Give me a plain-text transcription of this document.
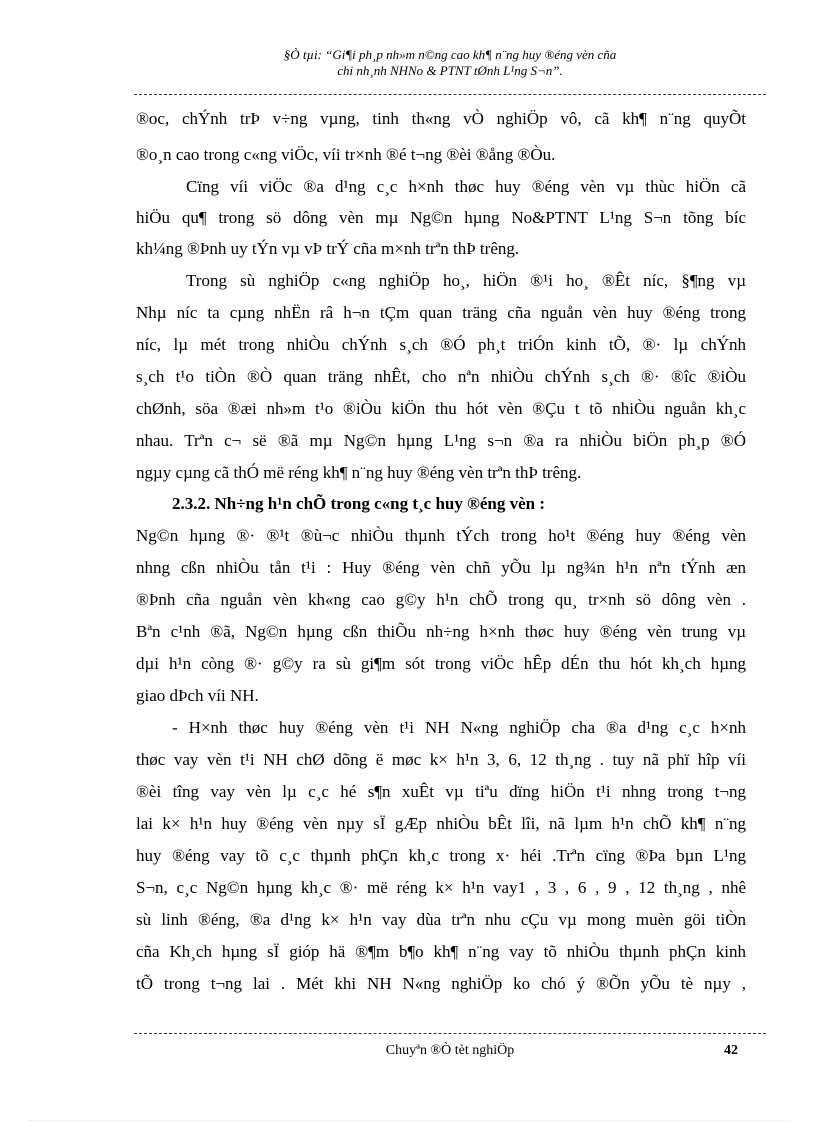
§Ò tµi: “Gi¶i ph¸p nh»m n©ng cao kh¶ n¨ng huy ®éng vèn cña
chi nh¸nh NHNo & PTNT tØnh L¹ng S¬n”.
®oc, chÝnh trÞ v÷ng vµng, tinh th«ng vÒ nghiÖp vô, cã kh¶ n¨ng quyÕt
®o¸n cao trong c«ng viÖc, víi tr×nh ®é t¬ng ®èi ®ång ®Òu.
Cïng víi viÖc ®a d¹ng c¸c h×nh thøc huy ®éng vèn vµ thùc hiÖn cã
hiÖu qu¶ trong sö dông vèn mµ Ng©n hµng No&PTNT L¹ng S¬n tõng bíc
kh¼ng ®Þnh uy tÝn vµ vÞ trÝ cña m×nh trªn thÞ trêng.
Trong sù nghiÖp c«ng nghiÖp ho¸, hiÖn ®¹i ho¸ ®Êt níc, §¶ng vµ
Nhµ níc ta cµng nhËn râ h¬n tÇm quan träng cña nguån vèn huy ®éng trong
níc, lµ mét trong nhiÒu chÝnh s¸ch ®Ó ph¸t triÓn kinh tÕ, ®· lµ chÝnh
s¸ch t¹o tiÒn ®Ò quan träng nhÊt, cho nªn nhiÒu chÝnh s¸ch ®· ®îc ®iÒu
chØnh, söa ®æi nh»m t¹o ®iÒu kiÖn thu hót vèn ®Çu t tõ nhiÒu nguån kh¸c
nhau. Trªn c¬ së ®ã mµ Ng©n hµng L¹ng s¬n ®a ra nhiÒu biÖn ph¸p ®Ó
ngµy cµng cã thÓ më réng kh¶ n¨ng huy ®éng vèn trªn thÞ trêng.
2.3.2. Nh÷ng h¹n chÕ trong c«ng t¸c huy ®éng vèn :
Ng©n hµng ®· ®¹t ®ù¬c nhiÒu thµnh tÝch trong ho¹t ®éng huy ®éng vèn
nhng cßn nhiÒu tån t¹i : Huy ®éng vèn chñ yÕu lµ ng¾n h¹n nªn tÝnh æn
®Þnh cña nguån vèn kh«ng cao g©y h¹n chÕ trong qu¸ tr×nh sö dông vèn .
Bªn c¹nh ®ã, Ng©n hµng cßn thiÕu nh÷ng h×nh thøc huy ®éng vèn trung vµ
dµi h¹n còng ®· g©y ra sù gi¶m sót trong viÖc hÊp dÉn thu hót kh¸ch hµng
giao dÞch víi NH.
- H×nh thøc huy ®éng vèn t¹i NH N«ng nghiÖp cha ®a d¹ng c¸c h×nh
thøc vay vèn t¹i NH chØ dõng ë møc k× h¹n 3, 6, 12 th¸ng . tuy nã phï hîp víi
®èi tîng vay vèn lµ c¸c hé s¶n xuÊt vµ tiªu dïng hiÖn t¹i nhng trong t¬ng
lai k× h¹n huy ®éng vèn nµy sÏ gÆp nhiÒu bÊt lîi, nã lµm h¹n chÕ kh¶ n¨ng
huy ®éng vay tõ c¸c thµnh phÇn kh¸c trong x· héi .Trªn cïng ®Þa bµn L¹ng
S¬n, c¸c Ng©n hµng kh¸c ®· më réng k× h¹n vay1 , 3 , 6 , 9 , 12 th¸ng , nhê
sù linh ®éng, ®a d¹ng k× h¹n vay dùa trªn nhu cÇu vµ mong muèn göi tiÒn
cña Kh¸ch hµng sÏ gióp hä ®¶m b¶o kh¶ n¨ng vay tõ nhiÒu thµnh phÇn kinh
tÕ trong t¬ng lai . Mét khi NH N«ng nghiÖp ko chó ý ®Õn yÕu tè nµy ,
Chuyªn ®Ò tèt nghiÖp	42
